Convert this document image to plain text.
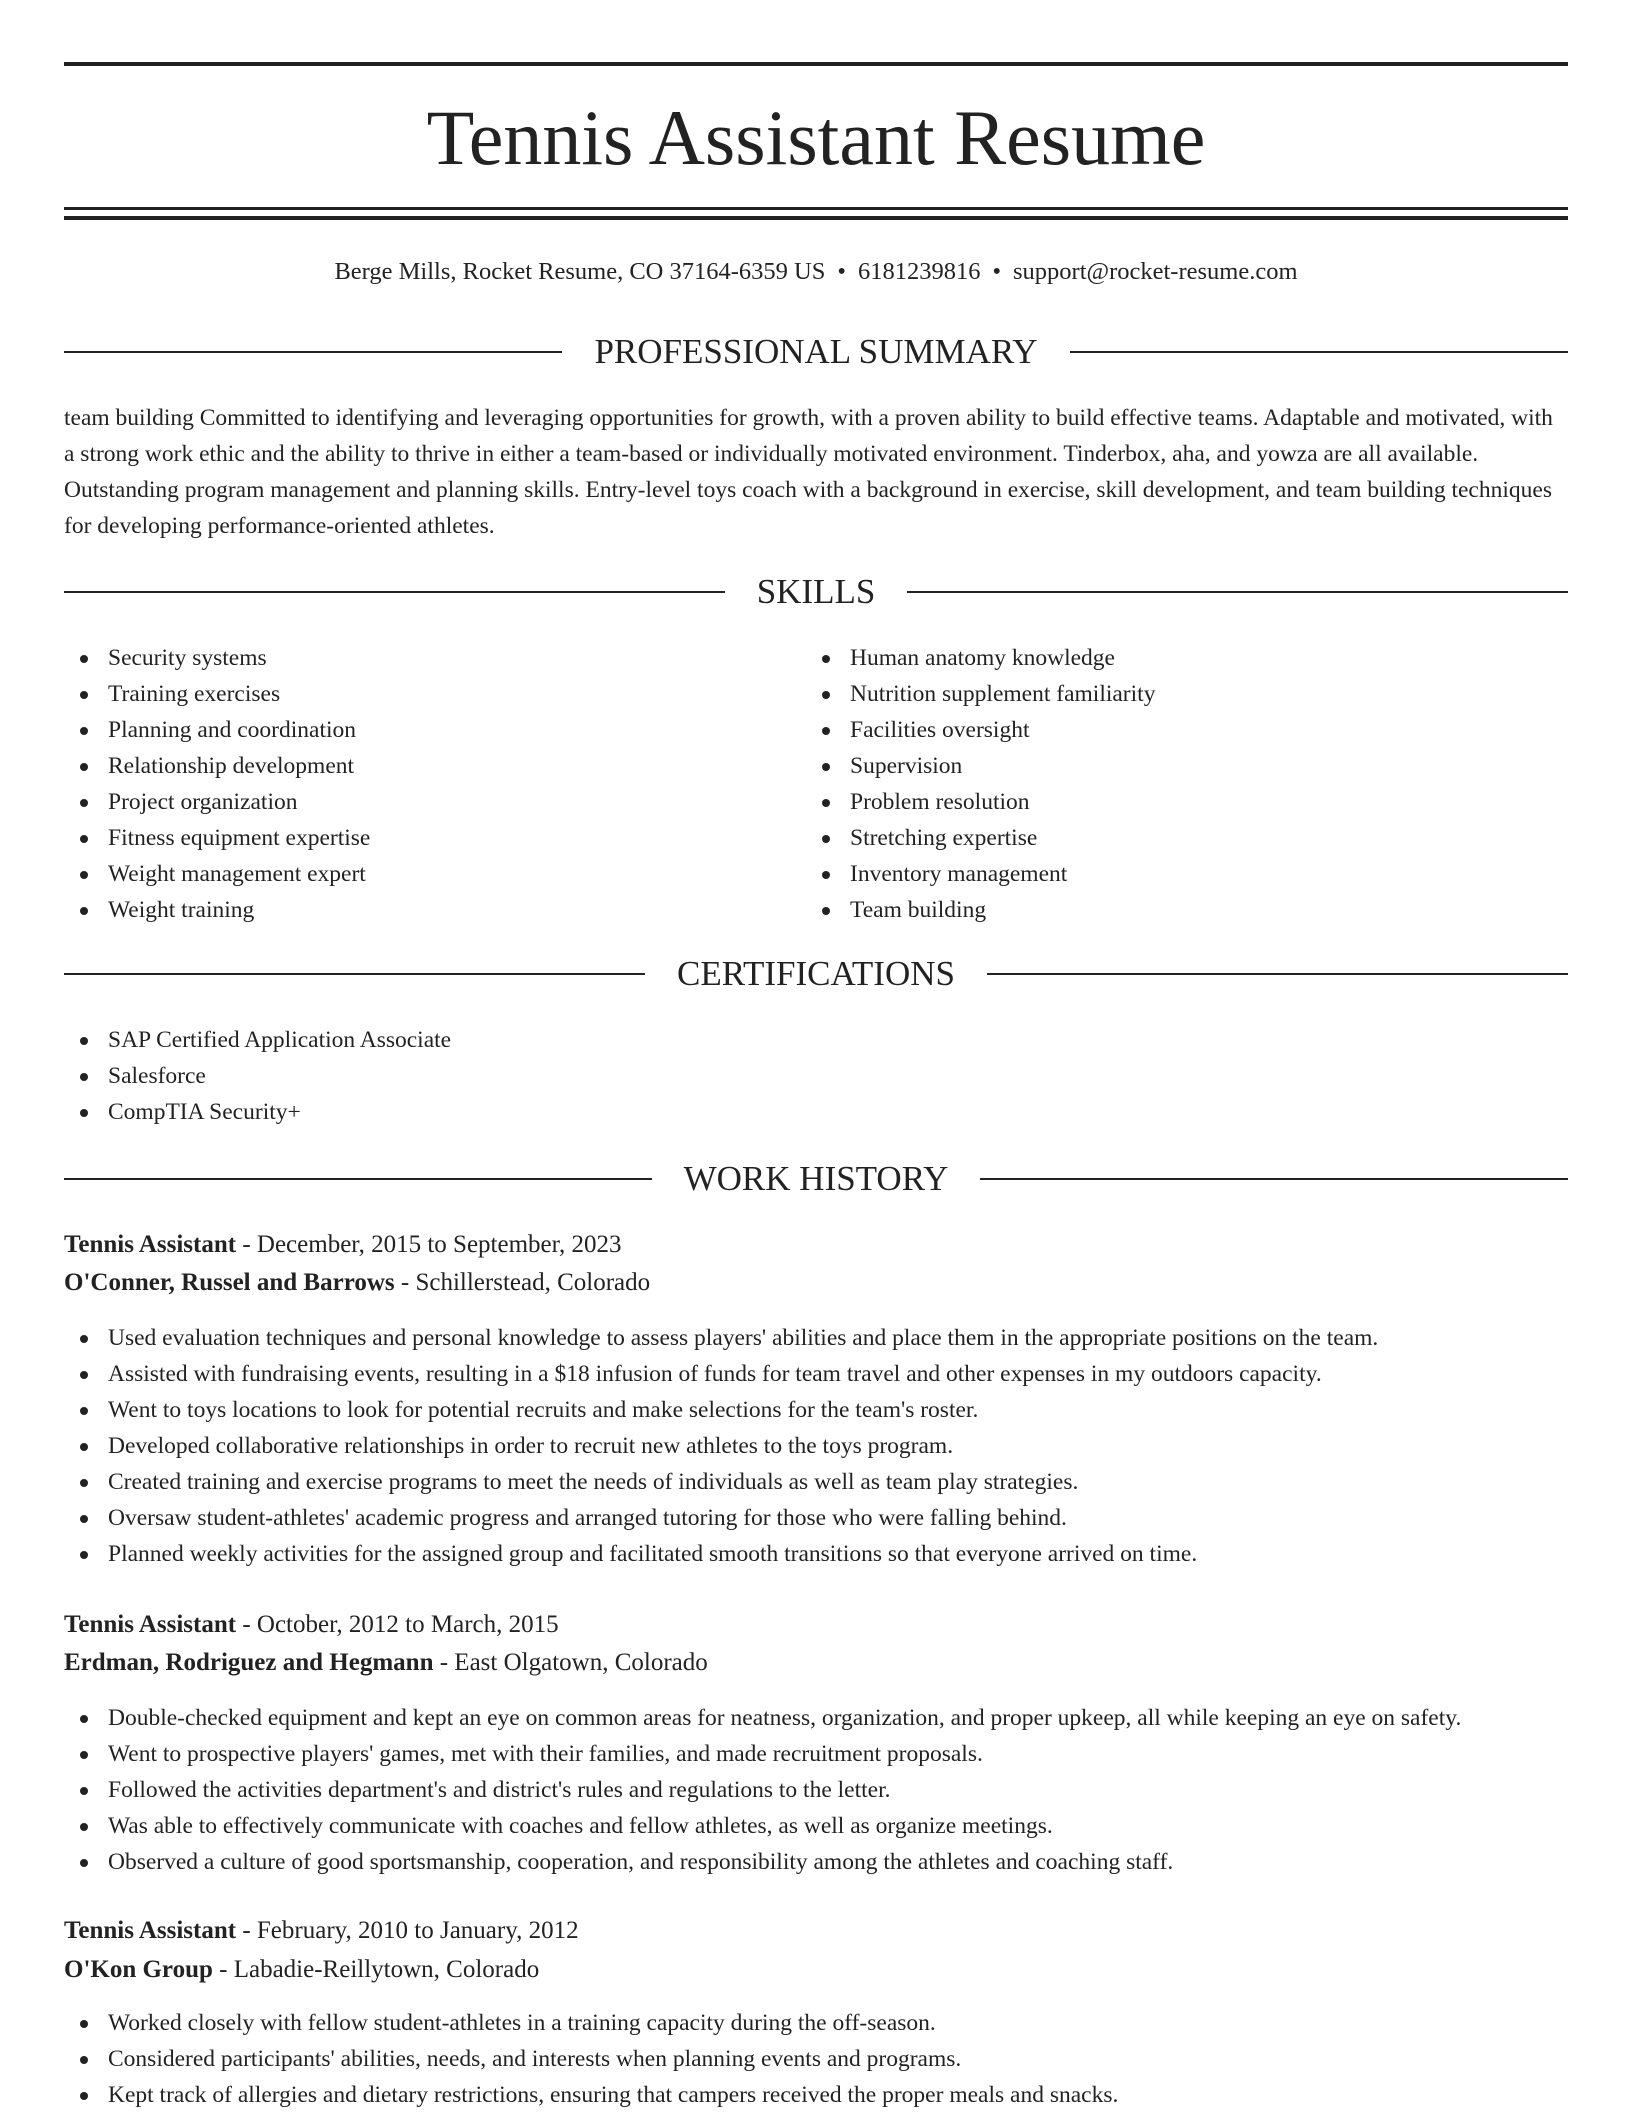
Tennis Assistant Resume
Berge Mills, Rocket Resume, CO 37164-6359 US • 6181239816 • support@rocket-resume.com
PROFESSIONAL SUMMARY

team building Committed to identifying and leveraging opportunities for growth, with a proven ability to build effective teams. Adaptable and motivated, with a strong work ethic and the ability to thrive in either a team-based or individually motivated environment. Tinderbox, aha, and yowza are all available. Outstanding program management and planning skills. Entry-level toys coach with a background in exercise, skill development, and team building techniques for developing performance-oriented athletes.

SKILLS
Security systems
Training exercises
Planning and coordination
Relationship development
Project organization
Fitness equipment expertise
Weight management expert
Weight training
Human anatomy knowledge
Nutrition supplement familiarity
Facilities oversight
Supervision
Problem resolution
Stretching expertise
Inventory management
Team building
CERTIFICATIONS
SAP Certified Application Associate
Salesforce
CompTIA Security+
WORK HISTORY
Tennis Assistant - December, 2015 to September, 2023
O'Conner, Russel and Barrows - Schillerstead, Colorado
Used evaluation techniques and personal knowledge to assess players' abilities and place them in the appropriate positions on the team.
Assisted with fundraising events, resulting in a $18 infusion of funds for team travel and other expenses in my outdoors capacity.
Went to toys locations to look for potential recruits and make selections for the team's roster.
Developed collaborative relationships in order to recruit new athletes to the toys program.
Created training and exercise programs to meet the needs of individuals as well as team play strategies.
Oversaw student-athletes' academic progress and arranged tutoring for those who were falling behind.
Planned weekly activities for the assigned group and facilitated smooth transitions so that everyone arrived on time.
Tennis Assistant - October, 2012 to March, 2015
Erdman, Rodriguez and Hegmann - East Olgatown, Colorado
Double-checked equipment and kept an eye on common areas for neatness, organization, and proper upkeep, all while keeping an eye on safety.
Went to prospective players' games, met with their families, and made recruitment proposals.
Followed the activities department's and district's rules and regulations to the letter.
Was able to effectively communicate with coaches and fellow athletes, as well as organize meetings.
Observed a culture of good sportsmanship, cooperation, and responsibility among the athletes and coaching staff.
Tennis Assistant - February, 2010 to January, 2012
O'Kon Group - Labadie-Reillytown, Colorado
Worked closely with fellow student-athletes in a training capacity during the off-season.
Considered participants' abilities, needs, and interests when planning events and programs.
Kept track of allergies and dietary restrictions, ensuring that campers received the proper meals and snacks.
